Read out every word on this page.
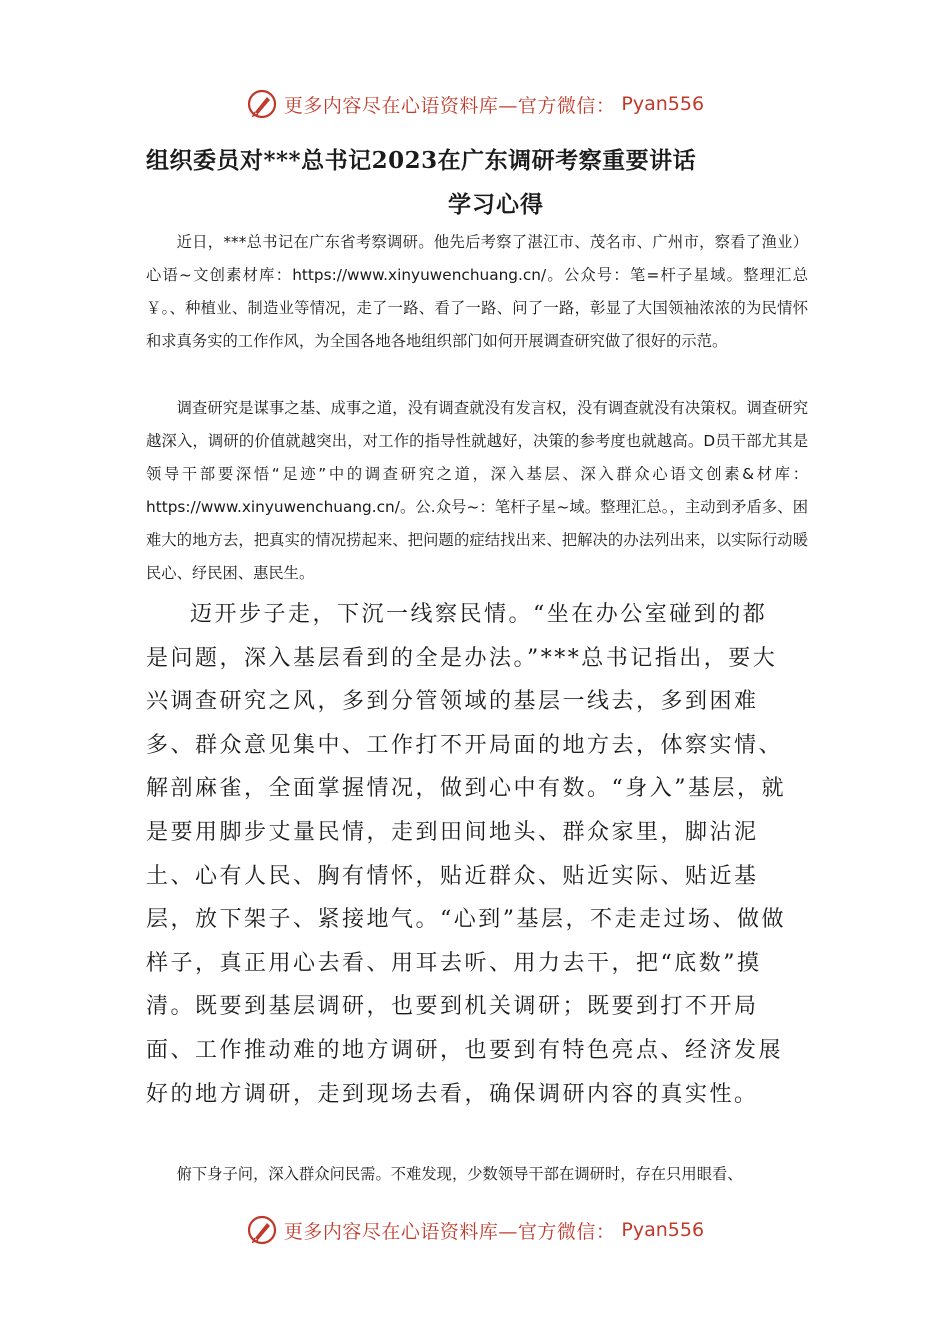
更多内容尽在心语资料库—官方微信： Pyan556
组织委员对***总书记2023在广东调研考察重要讲话
学习心得

近日，***总书记在广东省考察调研。他先后考察了湛江市、茂名市、广州市，察看了渔业）心语~文创素材库：https://www.xinyuwenchuang.cn/。公众号：笔=杆子星域。整理汇总￥。、种植业、制造业等情况，走了一路、看了一路、问了一路，彰显了大国领袖浓浓的为民情怀和求真务实的工作作风，为全国各地各地组织部门如何开展调查研究做了很好的示范。

调查研究是谋事之基、成事之道，没有调查就没有发言权，没有调查就没有决策权。调查研究越深入，调研的价值就越突出，对工作的指导性就越好，决策的参考度也就越高。D员干部尤其是领导干部要深悟“足迹”中的调查研究之道，深入基层、深入群众心语文创素&材库：https://www.xinyuwenchuang.cn/。公.众号~：笔杆子星~域。整理汇总。，主动到矛盾多、困难大的地方去，把真实的情况捞起来、把问题的症结找出来、把解决的办法列出来，以实际行动暖民心、纾民困、惠民生。

迈开步子走，下沉一线察民情。“坐在办公室碰到的都是问题，深入基层看到的全是办法。”***总书记指出，要大兴调查研究之风，多到分管领域的基层一线去，多到困难多、群众意见集中、工作打不开局面的地方去，体察实情、解剖麻雀，全面掌握情况，做到心中有数。“身入”基层，就是要用脚步丈量民情，走到田间地头、群众家里，脚沾泥土、心有人民、胸有情怀，贴近群众、贴近实际、贴近基层，放下架子、紧接地气。“心到”基层，不走走过场、做做样子，真正用心去看、用耳去听、用力去干，把“底数”摸清。既要到基层调研，也要到机关调研；既要到打不开局面、工作推动难的地方调研，也要到有特色亮点、经济发展好的地方调研，走到现场去看，确保调研内容的真实性。

俯下身子问，深入群众问民需。不难发现，少数领导干部在调研时，存在只用眼看、

更多内容尽在心语资料库—官方微信： Pyan556
